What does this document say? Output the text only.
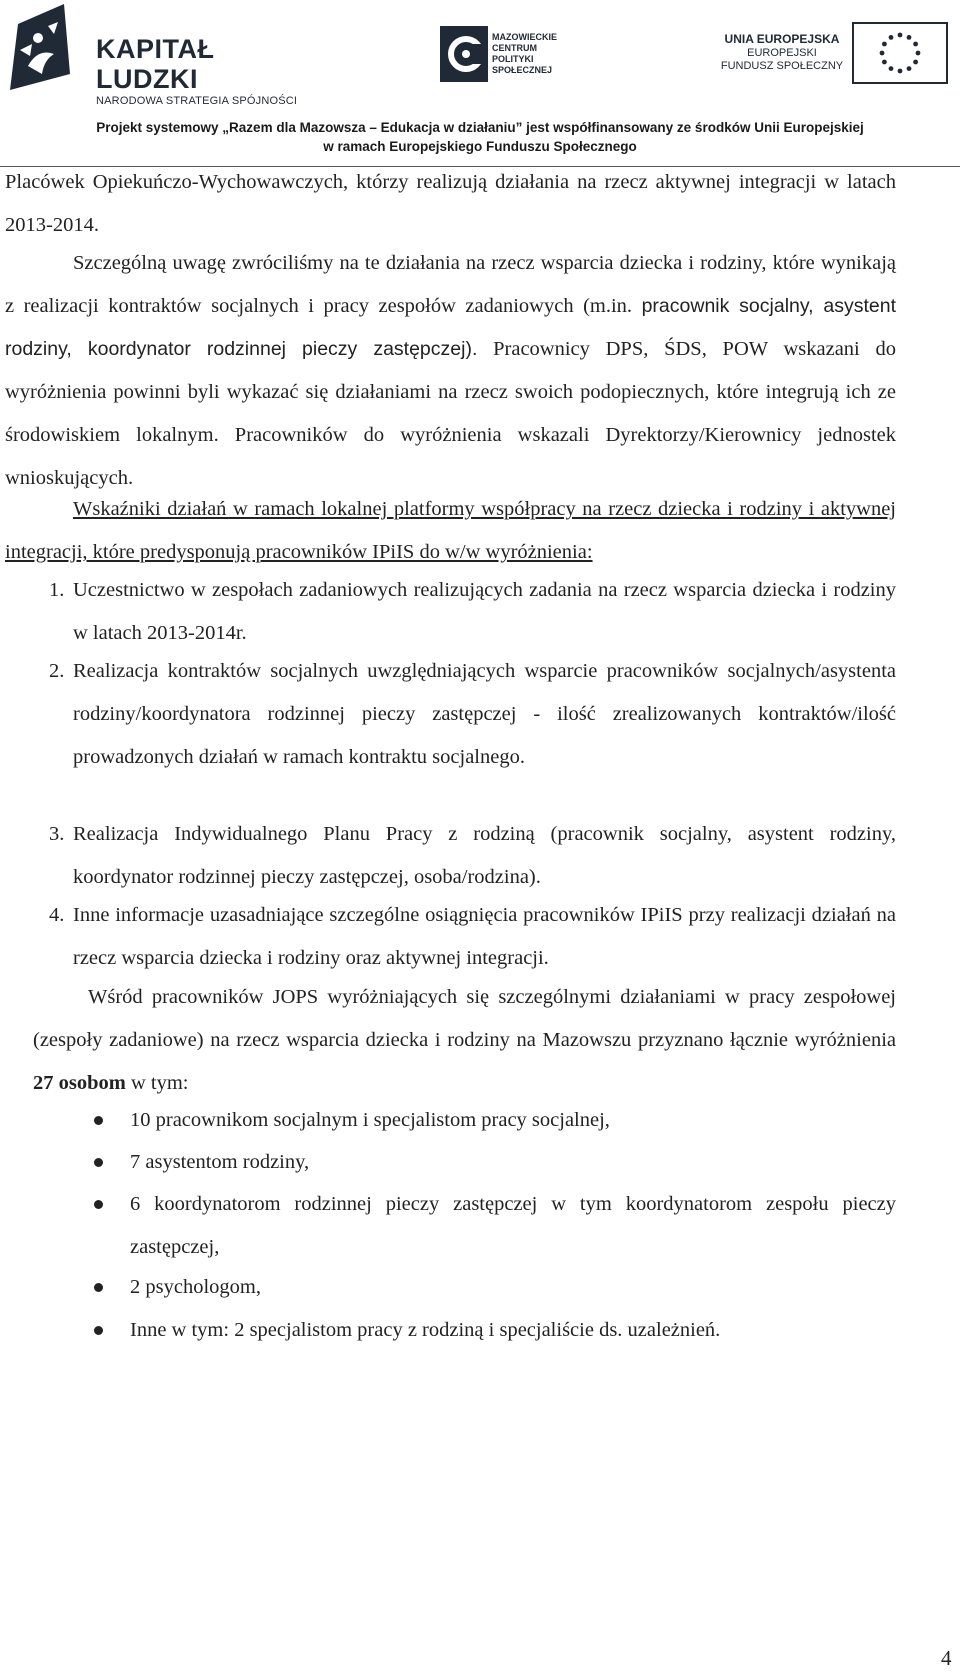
KAPITAŁ LUDZKI
NARODOWA STRATEGIA SPÓJNOŚCI
MAZOWIECKIE
CENTRUM
POLITYKI
SPOŁECZNEJ
UNIA EUROPEJSKA
EUROPEJSKI
FUNDUSZ SPOŁECZNY
Projekt systemowy „Razem dla Mazowsza – Edukacja w działaniu” jest współfinansowany ze środków Unii Europejskiej
w ramach Europejskiego Funduszu Społecznego

Placówek Opiekuńczo-Wychowawczych, którzy realizują działania na rzecz aktywnej integracji w latach 2013-2014.

Szczególną uwagę zwróciliśmy na te działania na rzecz wsparcia dziecka i rodziny, które wynikają z realizacji kontraktów socjalnych i pracy zespołów zadaniowych (m.in. pracownik socjalny, asystent rodziny, koordynator rodzinnej pieczy zastępczej). Pracownicy DPS, ŚDS, POW wskazani do wyróżnienia powinni byli wykazać się działaniami na rzecz swoich podopiecznych, które integrują ich ze środowiskiem lokalnym. Pracowników do wyróżnienia wskazali Dyrektorzy/Kierownicy jednostek wnioskujących.

Wskaźniki działań w ramach lokalnej platformy współpracy na rzecz dziecka i rodziny i aktywnej integracji, które predysponują pracowników IPiIS do w/w wyróżnienia:

1. Uczestnictwo w zespołach zadaniowych realizujących zadania na rzecz wsparcia dziecka i rodziny w latach 2013-2014r.

2. Realizacja kontraktów socjalnych uwzględniających wsparcie pracowników socjalnych/asystenta rodziny/koordynatora rodzinnej pieczy zastępczej - ilość zrealizowanych kontraktów/ilość prowadzonych działań w ramach kontraktu socjalnego.

3. Realizacja Indywidualnego Planu Pracy z rodziną (pracownik socjalny, asystent rodziny, koordynator rodzinnej pieczy zastępczej, osoba/rodzina).

4. Inne informacje uzasadniające szczególne osiągnięcia pracowników IPiIS przy realizacji działań na rzecz wsparcia dziecka i rodziny oraz aktywnej integracji.

Wśród pracowników JOPS wyróżniających się szczególnymi działaniami w pracy zespołowej (zespoły zadaniowe) na rzecz wsparcia dziecka i rodziny na Mazowszu przyznano łącznie wyróżnienia 27 osobom w tym:

10 pracownikom socjalnym i specjalistom pracy socjalnej,

7 asystentom rodziny,

6 koordynatorom rodzinnej pieczy zastępczej w tym koordynatorom zespołu pieczy zastępczej,

2 psychologom,

Inne w tym: 2 specjalistom pracy z rodziną i specjaliście ds. uzależnień.

4
